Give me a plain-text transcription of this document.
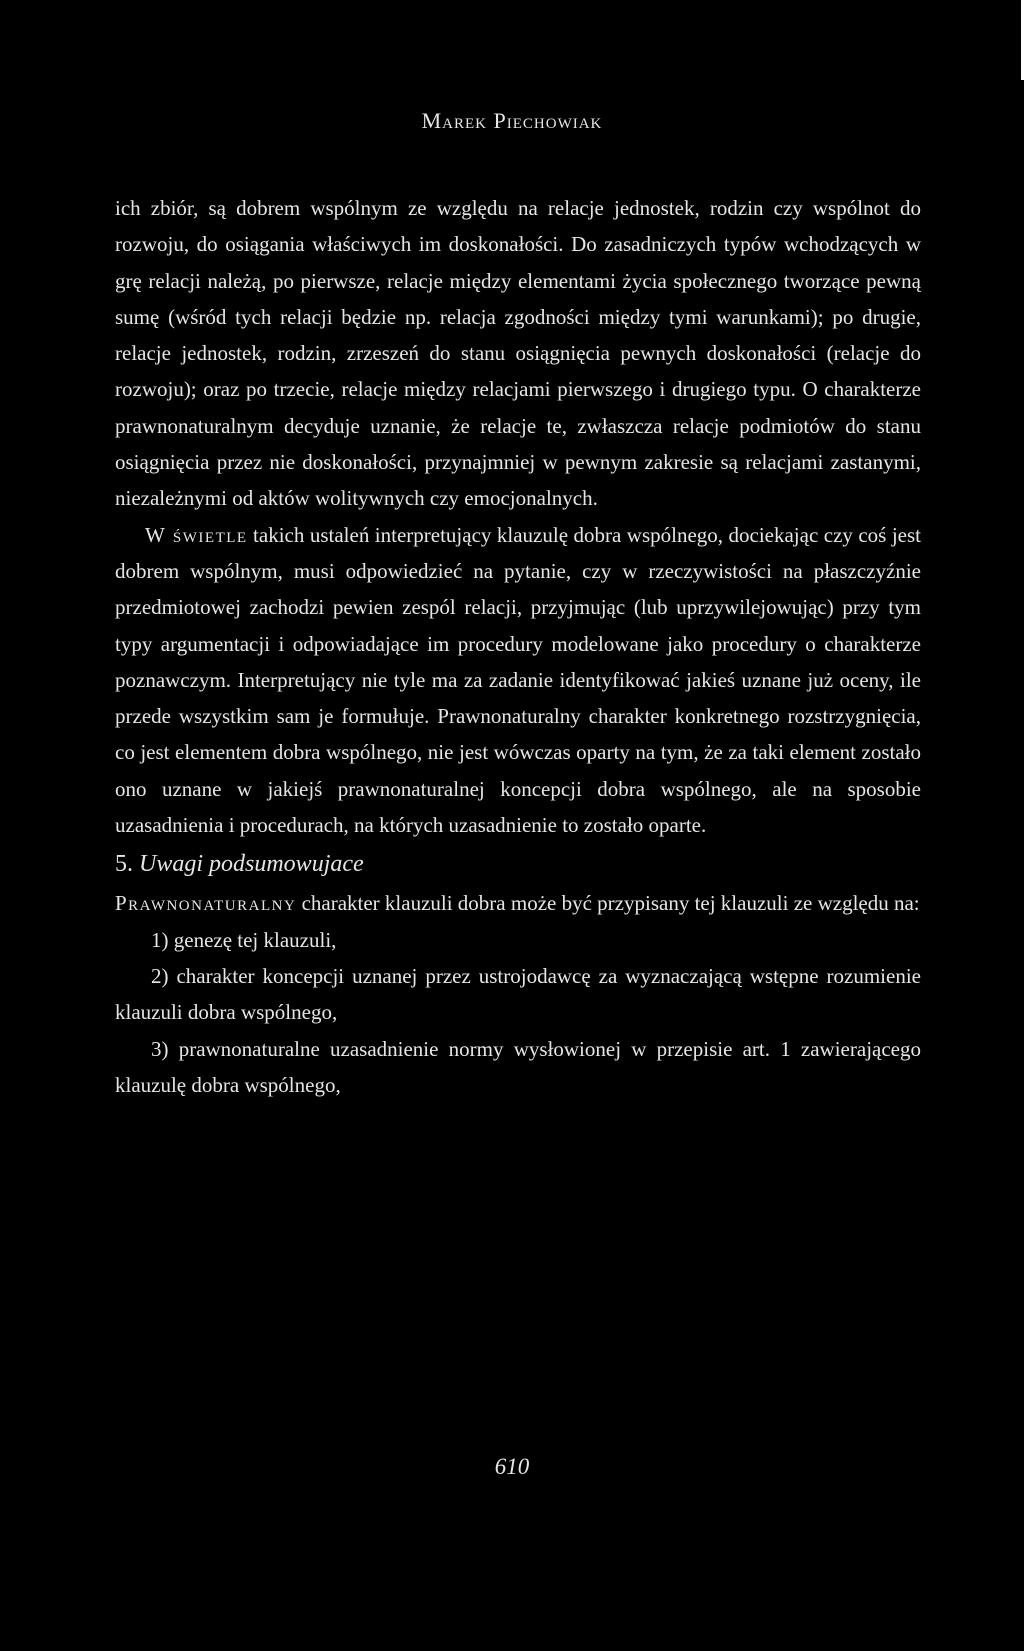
Marek Piechowiak

ich zbiór, są dobrem wspólnym ze względu na relacje jednostek, rodzin czy wspólnot do rozwoju, do osiągania właściwych im doskonałości. Do zasadniczych typów wchodzących w grę relacji należą, po pierwsze, relacje między elementami życia społecznego tworzące pewną sumę (wśród tych relacji będzie np. relacja zgodności między tymi warunkami); po drugie, relacje jednostek, rodzin, zrzeszeń do stanu osiągnięcia pewnych doskonałości (relacje do rozwoju); oraz po trzecie, relacje między relacjami pierwszego i drugiego typu. O charakterze prawnonaturalnym decyduje uznanie, że relacje te, zwłaszcza relacje podmiotów do stanu osiągnięcia przez nie doskonałości, przynajmniej w pewnym zakresie są relacjami zastanymi, niezależnymi od aktów wolitywnych czy emocjonalnych.

W świetle takich ustaleń interpretujący klauzulę dobra wspólnego, dociekając czy coś jest dobrem wspólnym, musi odpowiedzieć na pytanie, czy w rzeczywistości na płaszczyźnie przedmiotowej zachodzi pewien zespól relacji, przyjmując (lub uprzywilejowując) przy tym typy argumentacji i odpowiadające im procedury modelowane jako procedury o charakterze poznawczym. Interpretujący nie tyle ma za zadanie identyfikować jakieś uznane już oceny, ile przede wszystkim sam je formułuje. Prawnonaturalny charakter konkretnego rozstrzygnięcia, co jest elementem dobra wspólnego, nie jest wówczas oparty na tym, że za taki element zostało ono uznane w jakiejś prawnonaturalnej koncepcji dobra wspólnego, ale na sposobie uzasadnienia i procedurach, na których uzasadnienie to zostało oparte.

5. Uwagi podsumowujace

Prawnonaturalny charakter klauzuli dobra może być przypisany tej klauzuli ze względu na:

1) genezę tej klauzuli,

2) charakter koncepcji uznanej przez ustrojodawcę za wyznaczającą wstępne rozumienie klauzuli dobra wspólnego,

3) prawnonaturalne uzasadnienie normy wysłowionej w przepisie art. 1 zawierającego klauzulę dobra wspólnego,

610
